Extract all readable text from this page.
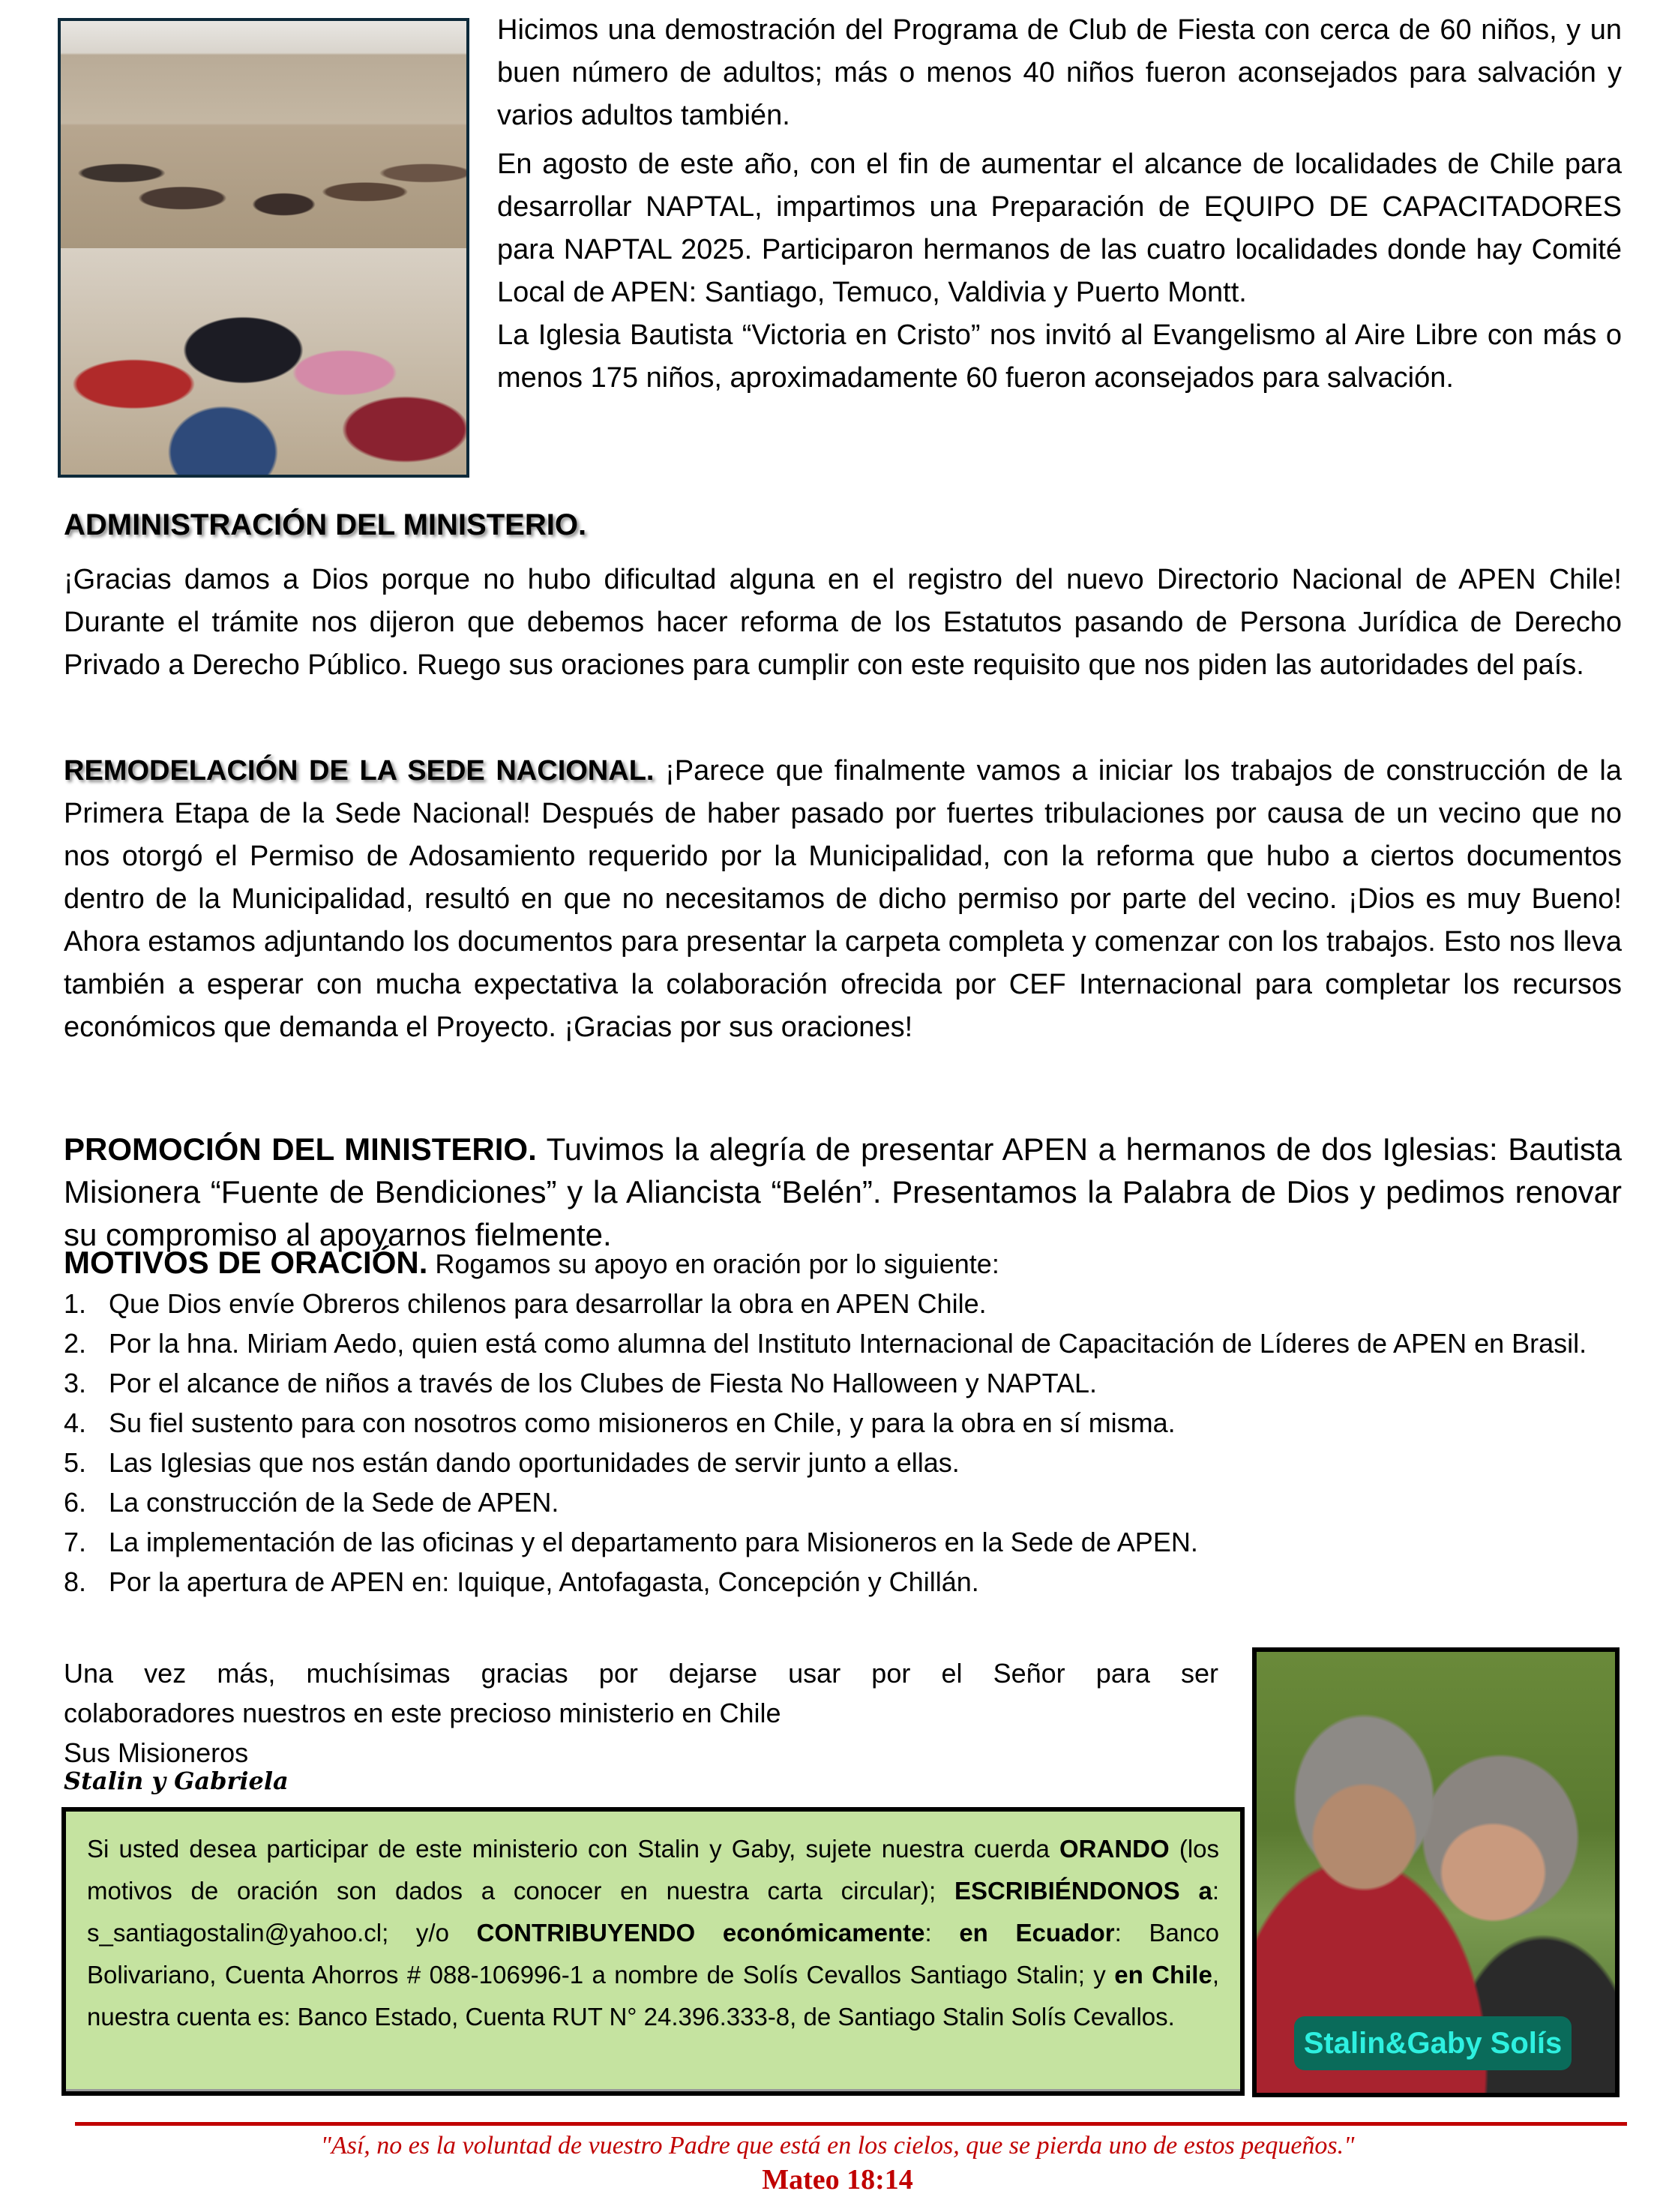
Hicimos una demostración del Programa de Club de Fiesta con cerca de 60 niños, y un buen número de adultos; más o menos 40 niños fueron aconsejados para salvación y varios adultos también.

En agosto de este año, con el fin de aumentar el alcance de localidades de Chile para desarrollar NAPTAL, impartimos una Preparación de EQUIPO DE CAPACITADORES para NAPTAL 2025. Participaron hermanos de las cuatro localidades donde hay Comité Local de APEN: Santiago, Temuco, Valdivia y Puerto Montt.

La Iglesia Bautista “Victoria en Cristo” nos invitó al Evangelismo al Aire Libre con más o menos 175 niños, aproximadamente 60 fueron aconsejados para salvación.

ADMINISTRACIÓN DEL MINISTERIO.

¡Gracias damos a Dios porque no hubo dificultad alguna en el registro del nuevo Directorio Nacional de APEN Chile! Durante el trámite nos dijeron que debemos hacer reforma de los Estatutos pasando de Persona Jurídica de Derecho Privado a Derecho Público. Ruego sus oraciones para cumplir con este requisito que nos piden las autoridades del país.

REMODELACIÓN DE LA SEDE NACIONAL. ¡Parece que finalmente vamos a iniciar los trabajos de construcción de la Primera Etapa de la Sede Nacional! Después de haber pasado por fuertes tribulaciones por causa de un vecino que no nos otorgó el Permiso de Adosamiento requerido por la Municipalidad, con la reforma que hubo a ciertos documentos dentro de la Municipalidad, resultó en que no necesitamos de dicho permiso por parte del vecino. ¡Dios es muy Bueno! Ahora estamos adjuntando los documentos para presentar la carpeta completa y comenzar con los trabajos. Esto nos lleva también a esperar con mucha expectativa la colaboración ofrecida por CEF Internacional para completar los recursos económicos que demanda el Proyecto. ¡Gracias por sus oraciones!

PROMOCIÓN DEL MINISTERIO. Tuvimos la alegría de presentar APEN a hermanos de dos Iglesias: Bautista Misionera “Fuente de Bendiciones” y la Aliancista “Belén”. Presentamos la Palabra de Dios y pedimos renovar su compromiso al apoyarnos fielmente.

MOTIVOS DE ORACIÓN. Rogamos su apoyo en oración por lo siguiente:
1. Que Dios envíe Obreros chilenos para desarrollar la obra en APEN Chile.
2. Por la hna. Miriam Aedo, quien está como alumna del Instituto Internacional de Capacitación de Líderes de APEN en Brasil.
3. Por el alcance de niños a través de los Clubes de Fiesta No Halloween y NAPTAL.
4. Su fiel sustento para con nosotros como misioneros en Chile, y para la obra en sí misma.
5. Las Iglesias que nos están dando oportunidades de servir junto a ellas.
6. La construcción de la Sede de APEN.
7. La implementación de las oficinas y el departamento para Misioneros en la Sede de APEN.
8. Por la apertura de APEN en: Iquique, Antofagasta, Concepción y Chillán.
Una vez más, muchísimas gracias por dejarse usar por el Señor para ser
colaboradores nuestros en este precioso ministerio en Chile
Sus Misioneros
Stalin y Gabriela

Si usted desea participar de este ministerio con Stalin y Gaby, sujete nuestra cuerda ORANDO (los motivos de oración son dados a conocer en nuestra carta circular); ESCRIBIÉNDONOS a: s_santiagostalin@yahoo.cl; y/o CONTRIBUYENDO económicamente: en Ecuador: Banco Bolivariano, Cuenta Ahorros # 088-106996-1 a nombre de Solís Cevallos Santiago Stalin; y en Chile, nuestra cuenta es: Banco Estado, Cuenta RUT N° 24.396.333-8, de Santiago Stalin Solís Cevallos.

Stalin&Gaby Solís
"Así, no es la voluntad de vuestro Padre que está en los cielos, que se pierda uno de estos pequeños."
Mateo 18:14
